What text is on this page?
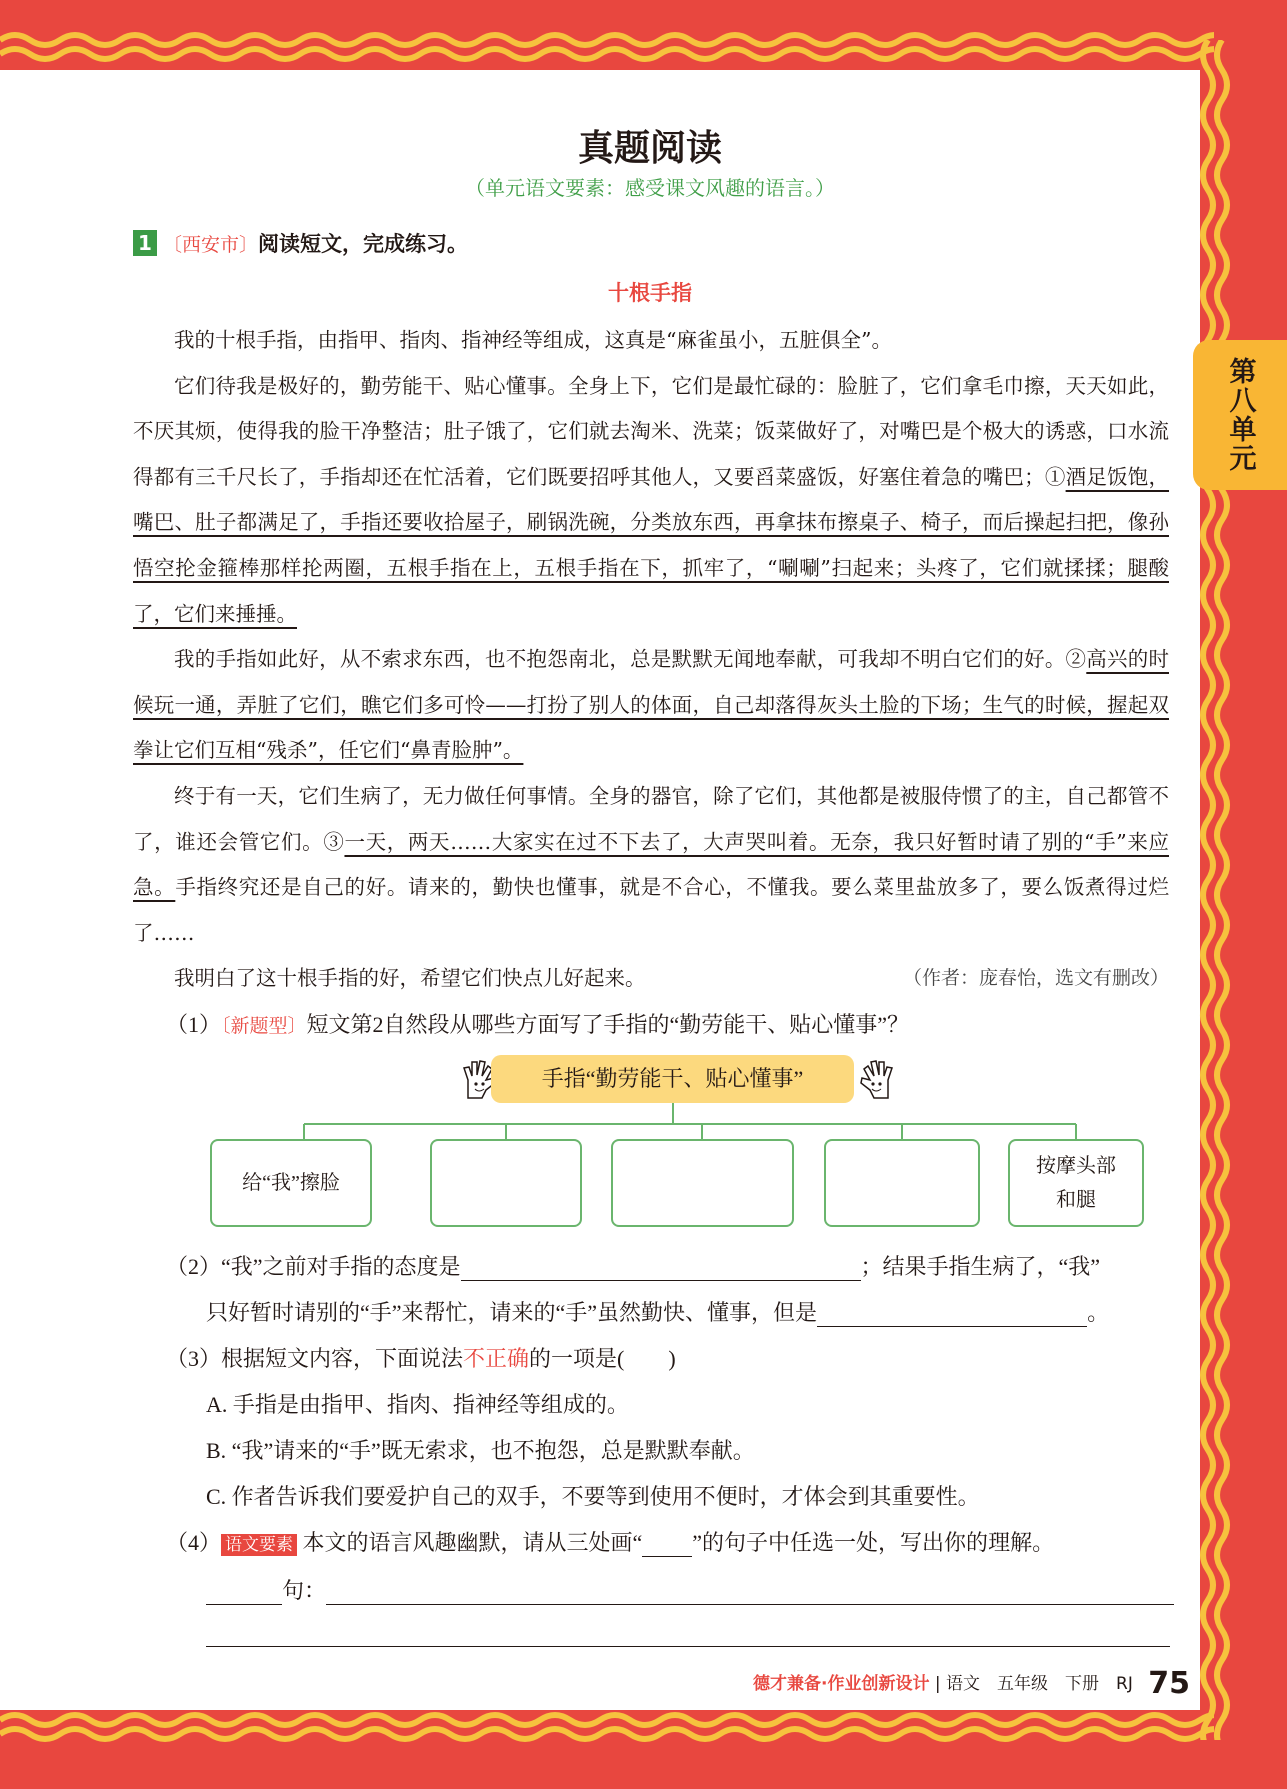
第八单元
真题阅读
（单元语文要素：感受课文风趣的语言。）
1 〔西安市〕 阅读短文，完成练习。
十根手指

我的十根手指，由指甲、指肉、指神经等组成，这真是“麻雀虽小，五脏俱全”。

它们待我是极好的，勤劳能干、贴心懂事。全身上下，它们是最忙碌的：脸脏了，它们拿毛巾擦，天天如此，不厌其烦，使得我的脸干净整洁；肚子饿了，它们就去淘米、洗菜；饭菜做好了，对嘴巴是个极大的诱惑，口水流得都有三千尺长了，手指却还在忙活着，它们既要招呼其他人，又要舀菜盛饭，好塞住着急的嘴巴；①酒足饭饱，嘴巴、肚子都满足了，手指还要收拾屋子，刷锅洗碗，分类放东西，再拿抹布擦桌子、椅子，而后操起扫把，像孙悟空抡金箍棒那样抡两圈，五根手指在上，五根手指在下，抓牢了，“唰唰”扫起来；头疼了，它们就揉揉；腿酸了，它们来捶捶。

我的手指如此好，从不索求东西，也不抱怨南北，总是默默无闻地奉献，可我却不明白它们的好。②高兴的时候玩一通，弄脏了它们，瞧它们多可怜——打扮了别人的体面，自己却落得灰头土脸的下场；生气的时候，握起双拳让它们互相“残杀”，任它们“鼻青脸肿”。

终于有一天，它们生病了，无力做任何事情。全身的器官，除了它们，其他都是被服侍惯了的主，自己都管不了，谁还会管它们。③一天，两天……大家实在过不下去了，大声哭叫着。无奈，我只好暂时请了别的“手”来应急。手指终究还是自己的好。请来的，勤快也懂事，就是不合心，不懂我。要么菜里盐放多了，要么饭煮得过烂了……

我明白了这十根手指的好，希望它们快点儿好起来。	（作者：庞春怡，选文有删改）

（1）〔新题型〕短文第2自然段从哪些方面写了手指的“勤劳能干、贴心懂事”？
手指“勤劳能干、贴心懂事”
给“我”擦脸
按摩头部
和腿
（2）“我”之前对手指的态度是	；结果手指生病了，“我”
只好暂时请别的“手”来帮忙，请来的“手”虽然勤快、懂事，但是	。
（3）根据短文内容，下面说法不正确的一项是(　　)
A. 手指是由指甲、指肉、指神经等组成的。
B. “我”请来的“手”既无索求，也不抱怨，总是默默奉献。
C. 作者告诉我们要爱护自己的双手，不要等到使用不便时，才体会到其重要性。
（4） 语文要素 本文的语言风趣幽默，请从三处画“ ”的句子中任选一处，写出你的理解。
句：

德才兼备·作业创新设计 | 语文　五年级　下册　RJ 75
